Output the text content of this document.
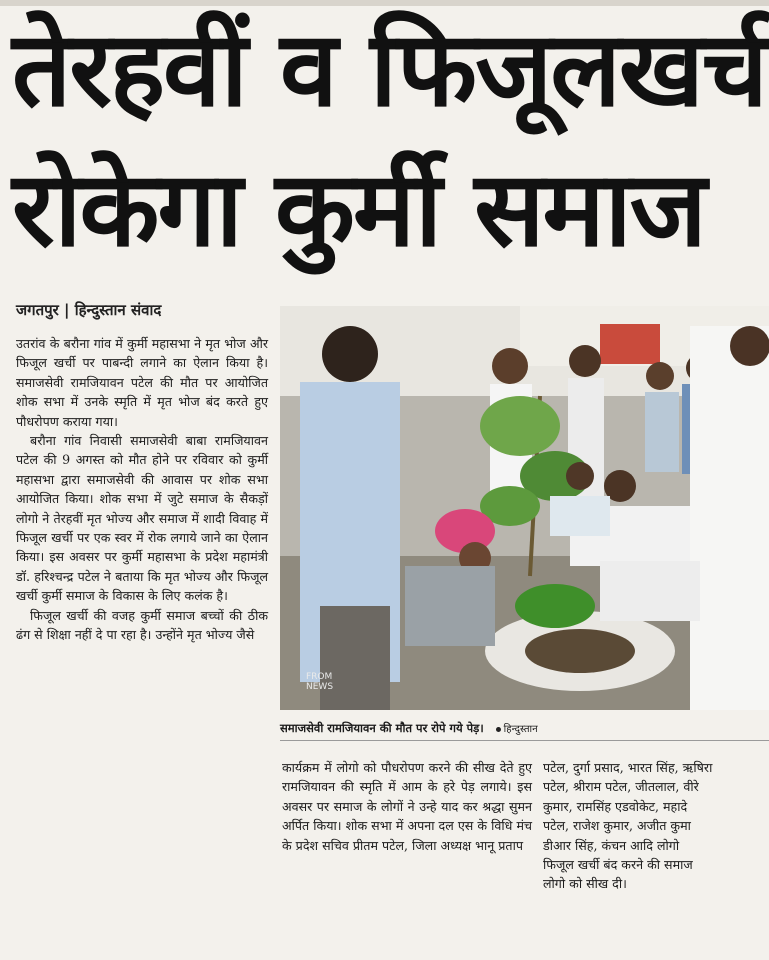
तेरहवीं व फिजूलखर्च
रोकेगा कुर्मी समाज
जगतपुर | हिन्दुस्तान संवाद

उतरांव के बरौना गांव में कुर्मी महासभा ने मृत भोज और फिजूल खर्ची पर पाबन्दी लगाने का ऐलान किया है। समाजसेवी रामजियावन पटेल की मौत पर आयोजित शोक सभा में उनके स्मृति में मृत भोज बंद करते हुए पौधरोपण कराया गया।

बरौना गांव निवासी समाजसेवी बाबा रामजियावन पटेल की 9 अगस्त को मौत होने पर रविवार को कुर्मी महासभा द्वारा समाजसेवी की आवास पर शोक सभा आयोजित किया। शोक सभा में जुटे समाज के सैकड़ों लोगो ने तेरहवीं मृत भोज्य और समाज में शादी विवाह में फिजूल खर्ची पर एक स्वर में रोक लगाये जाने का ऐलान किया। इस अवसर पर कुर्मी महासभा के प्रदेश महामंत्री डॉ. हरिश्चन्द्र पटेल ने बताया कि मृत भोज्य और फिजूल खर्ची कुर्मी समाज के विकास के लिए कलंक है।

फिजूल खर्ची की वजह कुर्मी समाज बच्चों की ठीक ढंग से शिक्षा नहीं दे पा रहा है। उन्होंने मृत भोज्य जैसे

FROM
NEWS
समाजसेवी रामजियावन की मौत पर रोपे गये पेड़। हिन्दुस्तान

कार्यक्रम में लोगो को पौधरोपण करने की सीख देते हुए रामजियावन की स्मृति में आम के हरे पेड़ लगाये। इस अवसर पर समाज के लोगों ने उन्हे याद कर श्रद्धा सुमन अर्पित किया। शोक सभा में अपना दल एस के विधि मंच के प्रदेश सचिव प्रीतम पटेल, जिला अध्यक्ष भानू प्रताप

पटेल, दुर्गा प्रसाद, भारत सिंह, ऋषिरा
पटेल, श्रीराम पटेल, जीतलाल, वीरे
कुमार, रामसिंह एडवोकेट, महादे
पटेल, राजेश कुमार, अजीत कुमा
डीआर सिंह, कंचन आदि लोगो
फिजूल खर्ची बंद करने की समाज
लोगो को सीख दी।
